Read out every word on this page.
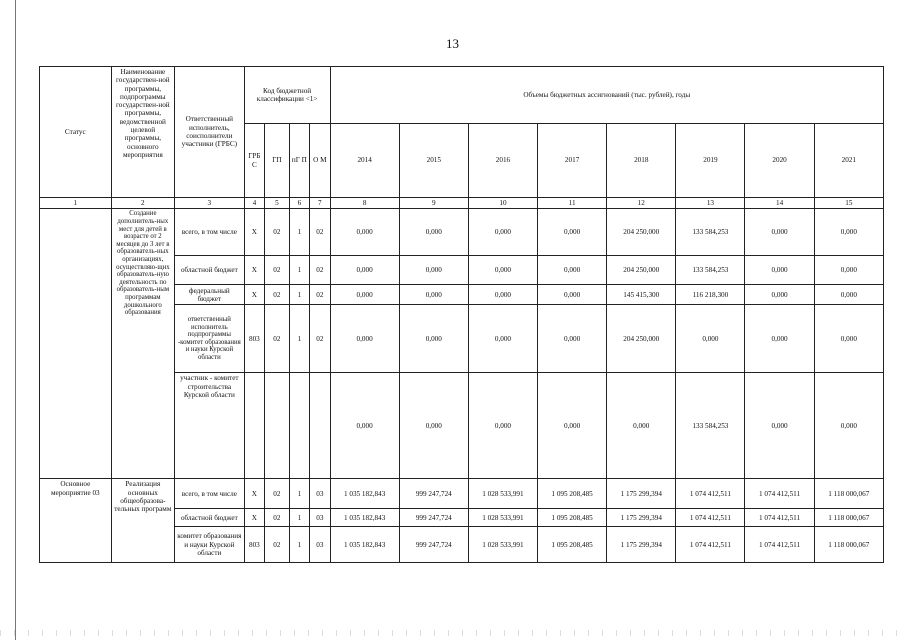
13
Статус	Наименование государствен-ной программы, подпрограммы государствен-ной программы, ведомственной целевой программы, основного мероприятия	Ответственный исполнитель, соисполнители участники (ГРБС)	Код бюджетной классификации <1>				Объемы бюджетных ассигнований (тыс. рублей), годы							
			ГРБ С	ГП	пГ П	О М	2014	2015	2016	2017	2018	2019	2020	2021
1	2	3	4	5	6	7	8	9	10	11	12	13	14	15
	Создание дополнитель-ных мест для детей в возрасте от 2 месяцев до 3 лет в образователь-ных организациях, осуществляю-щих образователь-ную деятельность по образователь-ным программам дошкольного образования	всего, в том числе	Х	02	1	02	0,000	0,000	0,000	0,000	204 250,000	133 584,253	0,000	0,000
		областной бюджет	Х	02	1	02	0,000	0,000	0,000	0,000	204 250,000	133 584,253	0,000	0,000
		федеральный бюджет	Х	02	1	02	0,000	0,000	0,000	0,000	145 415,300	116 218,300	0,000	0,000
		ответственный исполнитель подпрограммы -комитет образования и науки Курской области	803	02	1	02	0,000	0,000	0,000	0,000	204 250,000	0,000	0,000	0,000
		участник - комитет строительства Курской области					0,000	0,000	0,000	0,000	0,000	133 584,253	0,000	0,000
Основное мероприятие 03	Реализация основных общеобразова-тельных программ	всего, в том числе	Х	02	1	03	1 035 182,843	999 247,724	1 028 533,991	1 095 208,485	1 175 299,394	1 074 412,511	1 074 412,511	1 118 000,067
		областной бюджет	Х	02	1	03	1 035 182,843	999 247,724	1 028 533,991	1 095 208,485	1 175 299,394	1 074 412,511	1 074 412,511	1 118 000,067
		комитет образования и науки Курской области	803	02	1	03	1 035 182,843	999 247,724	1 028 533,991	1 095 208,485	1 175 299,394	1 074 412,511	1 074 412,511	1 118 000,067
